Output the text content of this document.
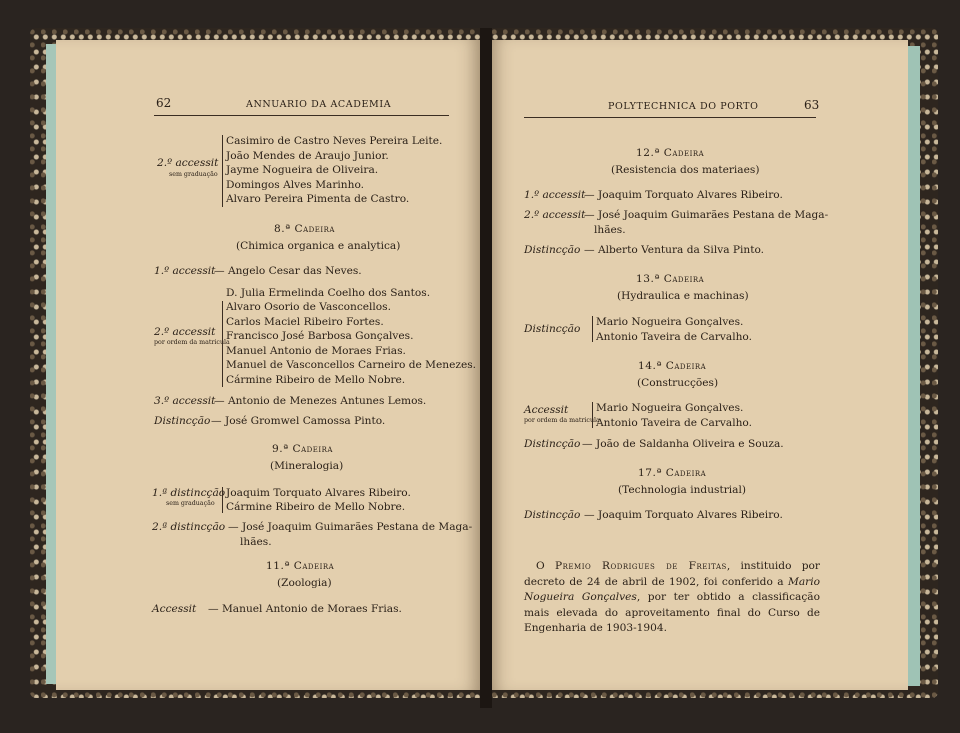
62	ANNUARIO DA ACADEMIA
2.º accessit
sem graduação
Casimiro de Castro Neves Pereira Leite.
João Mendes de Araujo Junior.
Jayme Nogueira de Oliveira.
Domingos Alves Marinho.
Alvaro Pereira Pimenta de Castro.
8.ª Cadeira
(Chimica organica e analytica)
1.º accessit
— Angelo Cesar das Neves.
2.º accessit
por ordem da matricula
D. Julia Ermelinda Coelho dos Santos.
Alvaro Osorio de Vasconcellos.
Carlos Maciel Ribeiro Fortes.
Francisco José Barbosa Gonçalves.
Manuel Antonio de Moraes Frias.
Manuel de Vasconcellos Carneiro de Menezes.
Cármine Ribeiro de Mello Nobre.
3.º accessit
— Antonio de Menezes Antunes Lemos.
Distincção — José Gromwel Camossa Pinto.
9.ª Cadeira
(Mineralogia)
1.ª distincção
sem graduação
Joaquim Torquato Alvares Ribeiro.
Cármine Ribeiro de Mello Nobre.
2.ª distincção — José Joaquim Guimarães Pestana de Maga-
lhães.
11.ª Cadeira
(Zoologia)
Accessit — Manuel Antonio de Moraes Frias.
POLYTECHNICA DO PORTO	63
12.ª Cadeira
(Resistencia dos materiaes)
1.º accessit
— Joaquim Torquato Alvares Ribeiro.
2.º accessit
— José Joaquim Guimarães Pestana de Maga-
lhães.
Distincção — Alberto Ventura da Silva Pinto.
13.ª Cadeira
(Hydraulica e machinas)
Distincção
Mario Nogueira Gonçalves.
Antonio Taveira de Carvalho.
14.ª Cadeira
(Construcções)
Accessit
por ordem da matricula
Mario Nogueira Gonçalves.
Antonio Taveira de Carvalho.
Distincção — João de Saldanha Oliveira e Souza.
17.ª Cadeira
(Technologia industrial)
Distincção — Joaquim Torquato Alvares Ribeiro.
O Premio Rodrigues de Freitas, instituido por decreto de 24 de abril de 1902, foi conferido a Mario Nogueira Gonçalves, por ter obtido a classificação mais elevada do aproveitamento final do Curso de Engenharia de 1903-1904.
